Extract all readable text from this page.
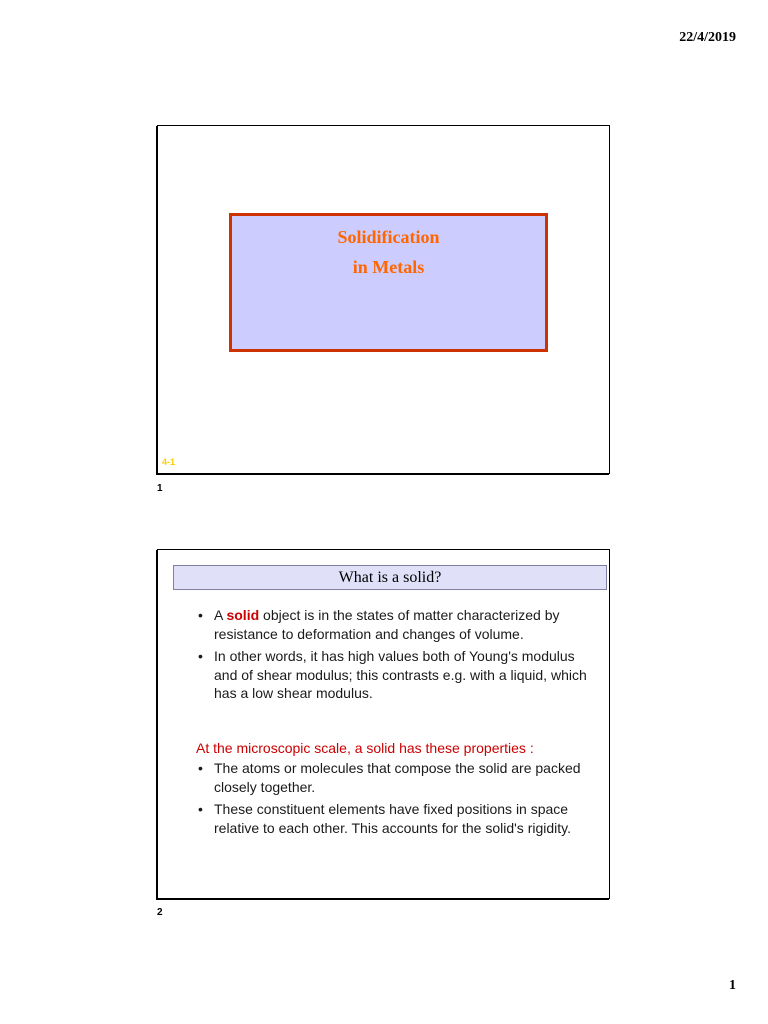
22/4/2019
Solidification
in Metals
4-1
1
What is a solid?
• A solid object is in the states of matter characterized by resistance to deformation and changes of volume.
• In other words, it has high values both of Young's modulus and of shear modulus; this contrasts e.g. with a liquid, which has a low shear modulus.
At the microscopic scale, a solid has these properties :
• The atoms or molecules that compose the solid are packed closely together.
• These constituent elements have fixed positions in space relative to each other. This accounts for the solid's rigidity.
2
1
